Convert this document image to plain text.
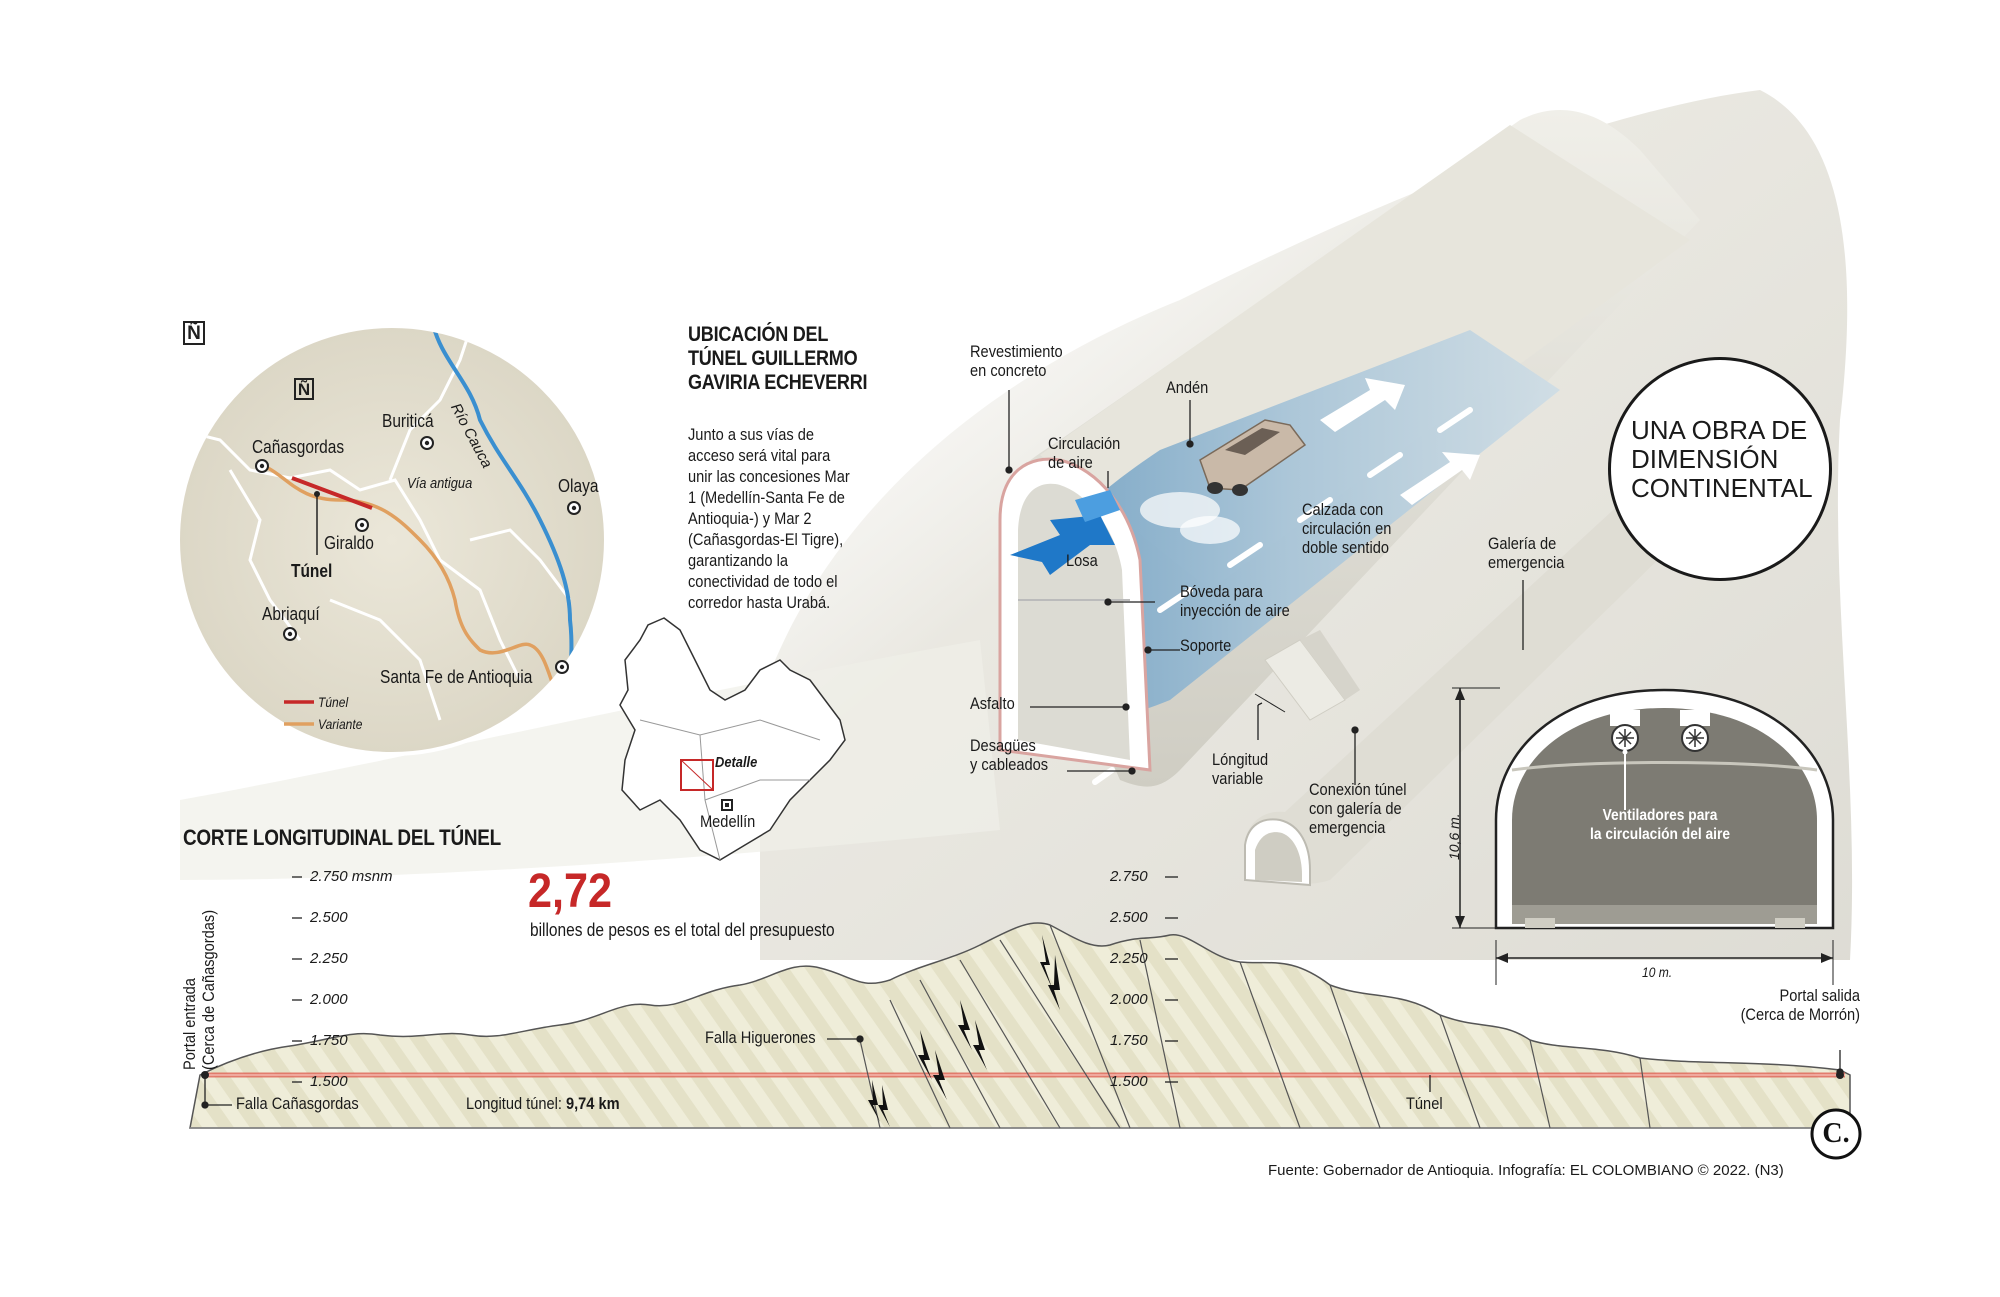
Ñ
Ñ
Cañasgordas
Buriticá
Giraldo
Túnel
Abriaquí
Santa Fe de Antioquia
Olaya
Río Cauca
Vía antigua
Túnel
Variante
Detalle
Medellín
UBICACIÓN DEL
TÚNEL GUILLERMO
GAVIRIA ECHEVERRI
Junto a sus vías de
acceso será vital para
unir las concesiones Mar
1 (Medellín-Santa Fe de
Antioquia-) y Mar 2
(Cañasgordas-El Tigre),
garantizando la
conectividad de todo el
corredor hasta Urabá.
UNA OBRA DE
DIMENSIÓN
CONTINENTAL
Revestimiento
en concreto
Andén
Circulación
de aire
Losa
Calzada con
circulación en
doble sentido	Galería de
emergencia
Bóveda para
inyección de aire
Soporte
Asfalto
Desagües
y cableados	Lóngitud
variable
Conexión túnel
con galería de
emergencia
Ventiladores para
la circulación del aire
10,6 m.
10 m.
CORTE LONGITUDINAL DEL TÚNEL
2,72
billones de pesos es el total del presupuesto
2.750 msnm
2.500
2.250
2.000
1.750
1.500
2.750
2.500
2.250
2.000
1.750
1.500
Portal entrada (Cerca de Cañasgordas)	Portal salida
(Cerca de Morrón)
Falla Cañasgordas
Falla Higuerones
Longitud túnel: 9,74 km	Túnel
C.
Fuente: Gobernador de Antioquia. Infografía: EL COLOMBIANO © 2022. (N3)
